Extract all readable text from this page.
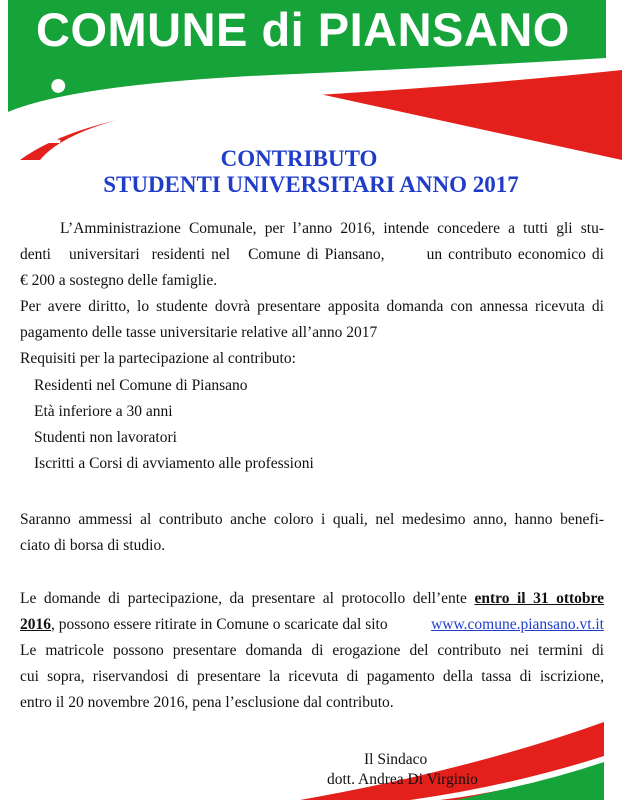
COMUNE di PIANSANO
i	CONTRIBUTO
STUDENTI UNIVERSITARI ANNO 2017
L’Amministrazione Comunale, per l’anno 2016, intende concedere a tutti gli stu-
denti   universitari  residenti nel   Comune di Piansano,       un contributo economico di
€ 200 a sostegno delle famiglie.
Per avere diritto, lo studente dovrà presentare apposita domanda con annessa ricevuta di
pagamento delle tasse universitarie relative all’anno 2017
Requisiti per la partecipazione al contributo:
Residenti nel Comune di Piansano
Età inferiore a 30 anni
Studenti non lavoratori
Iscritti a Corsi di avviamento alle professioni
Saranno ammessi al contributo anche coloro i quali, nel medesimo anno, hanno benefi-
ciato di borsa di studio.
Le domande di partecipazione, da presentare al protocollo dell’ente entro il 31 ottobre
2016, possono essere ritirate in Comune o scaricate dal sito	www.comune.piansano.vt.it
Le matricole possono presentare domanda di erogazione del contributo nei termini di
cui sopra, riservandosi di presentare la ricevuta di pagamento della tassa di iscrizione,
entro il 20 novembre 2016, pena l’esclusione dal contributo.
Il Sindaco
dott. Andrea Di Virginio
